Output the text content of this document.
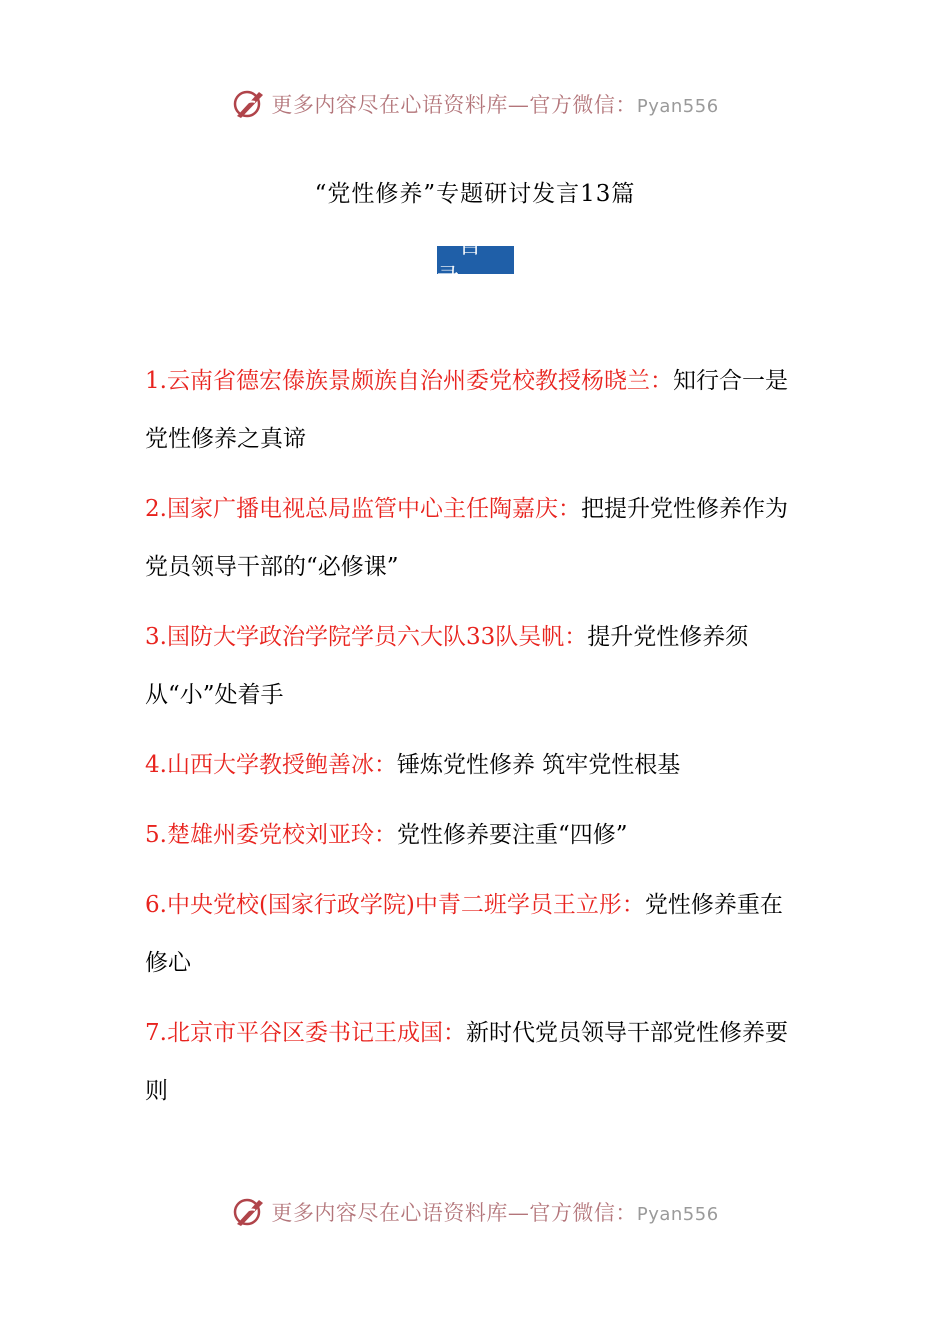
更多内容尽在心语资料库—官方微信：Pyan556
“党性修养”专题研讨发言13篇
目录
1.云南省德宏傣族景颇族自治州委党校教授杨晓兰：知行合一是党性修养之真谛
2.国家广播电视总局监管中心主任陶嘉庆：把提升党性修养作为党员领导干部的“必修课”
3.国防大学政治学院学员六大队33队吴帆：提升党性修养须从“小”处着手
4.山西大学教授鲍善冰：锤炼党性修养 筑牢党性根基
5.楚雄州委党校刘亚玲：党性修养要注重“四修”
6.中央党校(国家行政学院)中青二班学员王立彤：党性修养重在修心
7.北京市平谷区委书记王成国：新时代党员领导干部党性修养要则
更多内容尽在心语资料库—官方微信：Pyan556
